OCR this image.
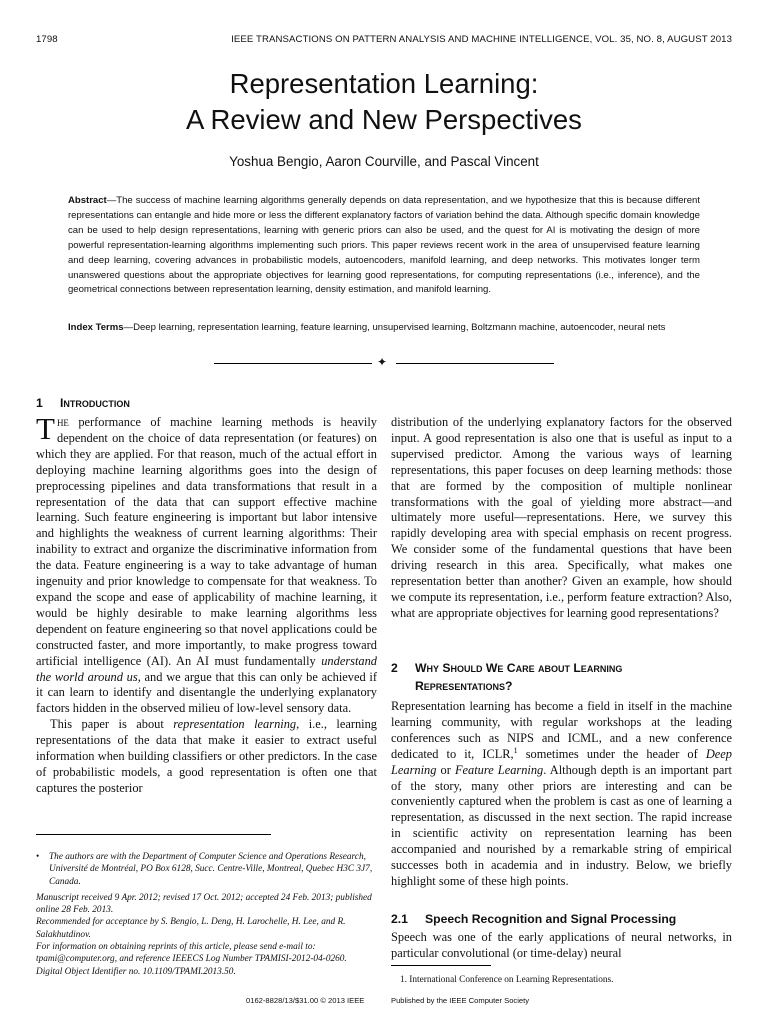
1798	IEEE TRANSACTIONS ON PATTERN ANALYSIS AND MACHINE INTELLIGENCE, VOL. 35, NO. 8, AUGUST 2013
Representation Learning:
A Review and New Perspectives
Yoshua Bengio, Aaron Courville, and Pascal Vincent
Abstract—The success of machine learning algorithms generally depends on data representation, and we hypothesize that this is because different representations can entangle and hide more or less the different explanatory factors of variation behind the data. Although specific domain knowledge can be used to help design representations, learning with generic priors can also be used, and the quest for AI is motivating the design of more powerful representation-learning algorithms implementing such priors. This paper reviews recent work in the area of unsupervised feature learning and deep learning, covering advances in probabilistic models, autoencoders, manifold learning, and deep networks. This motivates longer term unanswered questions about the appropriate objectives for learning good representations, for computing representations (i.e., inference), and the geometrical connections between representation learning, density estimation, and manifold learning.
Index Terms—Deep learning, representation learning, feature learning, unsupervised learning, Boltzmann machine, autoencoder, neural nets
✦
1 Introduction

The performance of machine learning methods is heavily dependent on the choice of data representation (or features) on which they are applied. For that reason, much of the actual effort in deploying machine learning algorithms goes into the design of preprocessing pipelines and data transformations that result in a representation of the data that can support effective machine learning. Such feature engineering is important but labor intensive and highlights the weakness of current learning algorithms: Their inability to extract and organize the discriminative information from the data. Feature engineering is a way to take advantage of human ingenuity and prior knowledge to compensate for that weakness. To expand the scope and ease of applicability of machine learning, it would be highly desirable to make learning algorithms less dependent on feature engineering so that novel applications could be constructed faster, and more importantly, to make progress toward artificial intelligence (AI). An AI must fundamentally understand the world around us, and we argue that this can only be achieved if it can learn to identify and disentangle the underlying explanatory factors hidden in the observed milieu of low-level sensory data.

This paper is about representation learning, i.e., learning representations of the data that make it easier to extract useful information when building classifiers or other predictors. In the case of probabilistic models, a good representation is often one that captures the posterior

distribution of the underlying explanatory factors for the observed input. A good representation is also one that is useful as input to a supervised predictor. Among the various ways of learning representations, this paper focuses on deep learning methods: those that are formed by the composition of multiple nonlinear transformations with the goal of yielding more abstract—and ultimately more useful—representations. Here, we survey this rapidly developing area with special emphasis on recent progress. We consider some of the fundamental questions that have been driving research in this area. Specifically, what makes one representation better than another? Given an example, how should we compute its representation, i.e., perform feature extraction? Also, what are appropriate objectives for learning good representations?

2 Why Should We Care about Learning
Representations?

Representation learning has become a field in itself in the machine learning community, with regular workshops at the leading conferences such as NIPS and ICML, and a new conference dedicated to it, ICLR,$^1$ sometimes under the header of Deep Learning or Feature Learning. Although depth is an important part of the story, many other priors are interesting and can be conveniently captured when the problem is cast as one of learning a representation, as discussed in the next section. The rapid increase in scientific activity on representation learning has been accompanied and nourished by a remarkable string of empirical successes both in academia and in industry. Below, we briefly highlight some of these high points.

2.1 Speech Recognition and Signal Processing

Speech was one of the early applications of neural networks, in particular convolutional (or time-delay) neural

• The authors are with the Department of Computer Science and Operations Research, Université de Montréal, PO Box 6128, Succ. Centre-Ville, Montreal, Quebec H3C 3J7, Canada.

Manuscript received 9 Apr. 2012; revised 17 Oct. 2012; accepted 24 Feb. 2013; published online 28 Feb. 2013.

Recommended for acceptance by S. Bengio, L. Deng, H. Larochelle, H. Lee, and R. Salakhutdinov.

For information on obtaining reprints of this article, please send e-mail to: tpami@computer.org, and reference IEEECS Log Number TPAMISI-2012-04-0260.

Digital Object Identifier no. 10.1109/TPAMI.2013.50.

1. International Conference on Learning Representations.
0162-8828/13/$31.00 © 2013 IEEE	Published by the IEEE Computer Society
